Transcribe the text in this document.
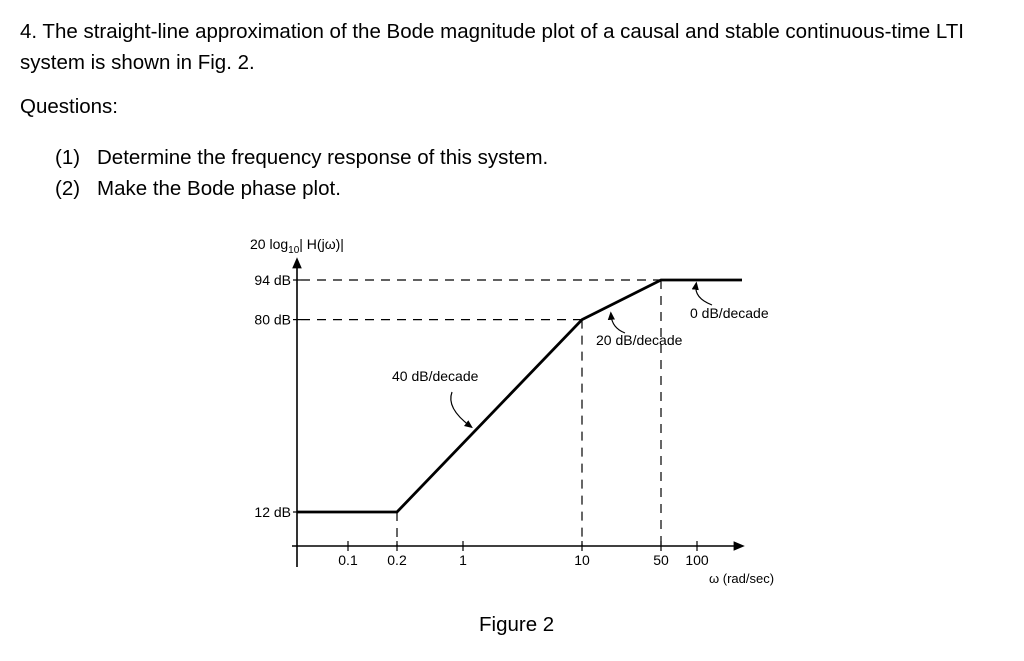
4. The straight-line approximation of the Bode magnitude plot of a causal and stable continuous-time LTI system is shown in Fig. 2.
Questions:
(1) Determine the frequency response of this system.
(2) Make the Bode phase plot.
20 $\log_{10}|$ H(jω)|
ω (rad/sec)
94 dB
80 dB
12 dB
0.1 0.2	1	10	50 100
40 dB/decade
20 dB/decade
0 dB/decade
Figure 2
